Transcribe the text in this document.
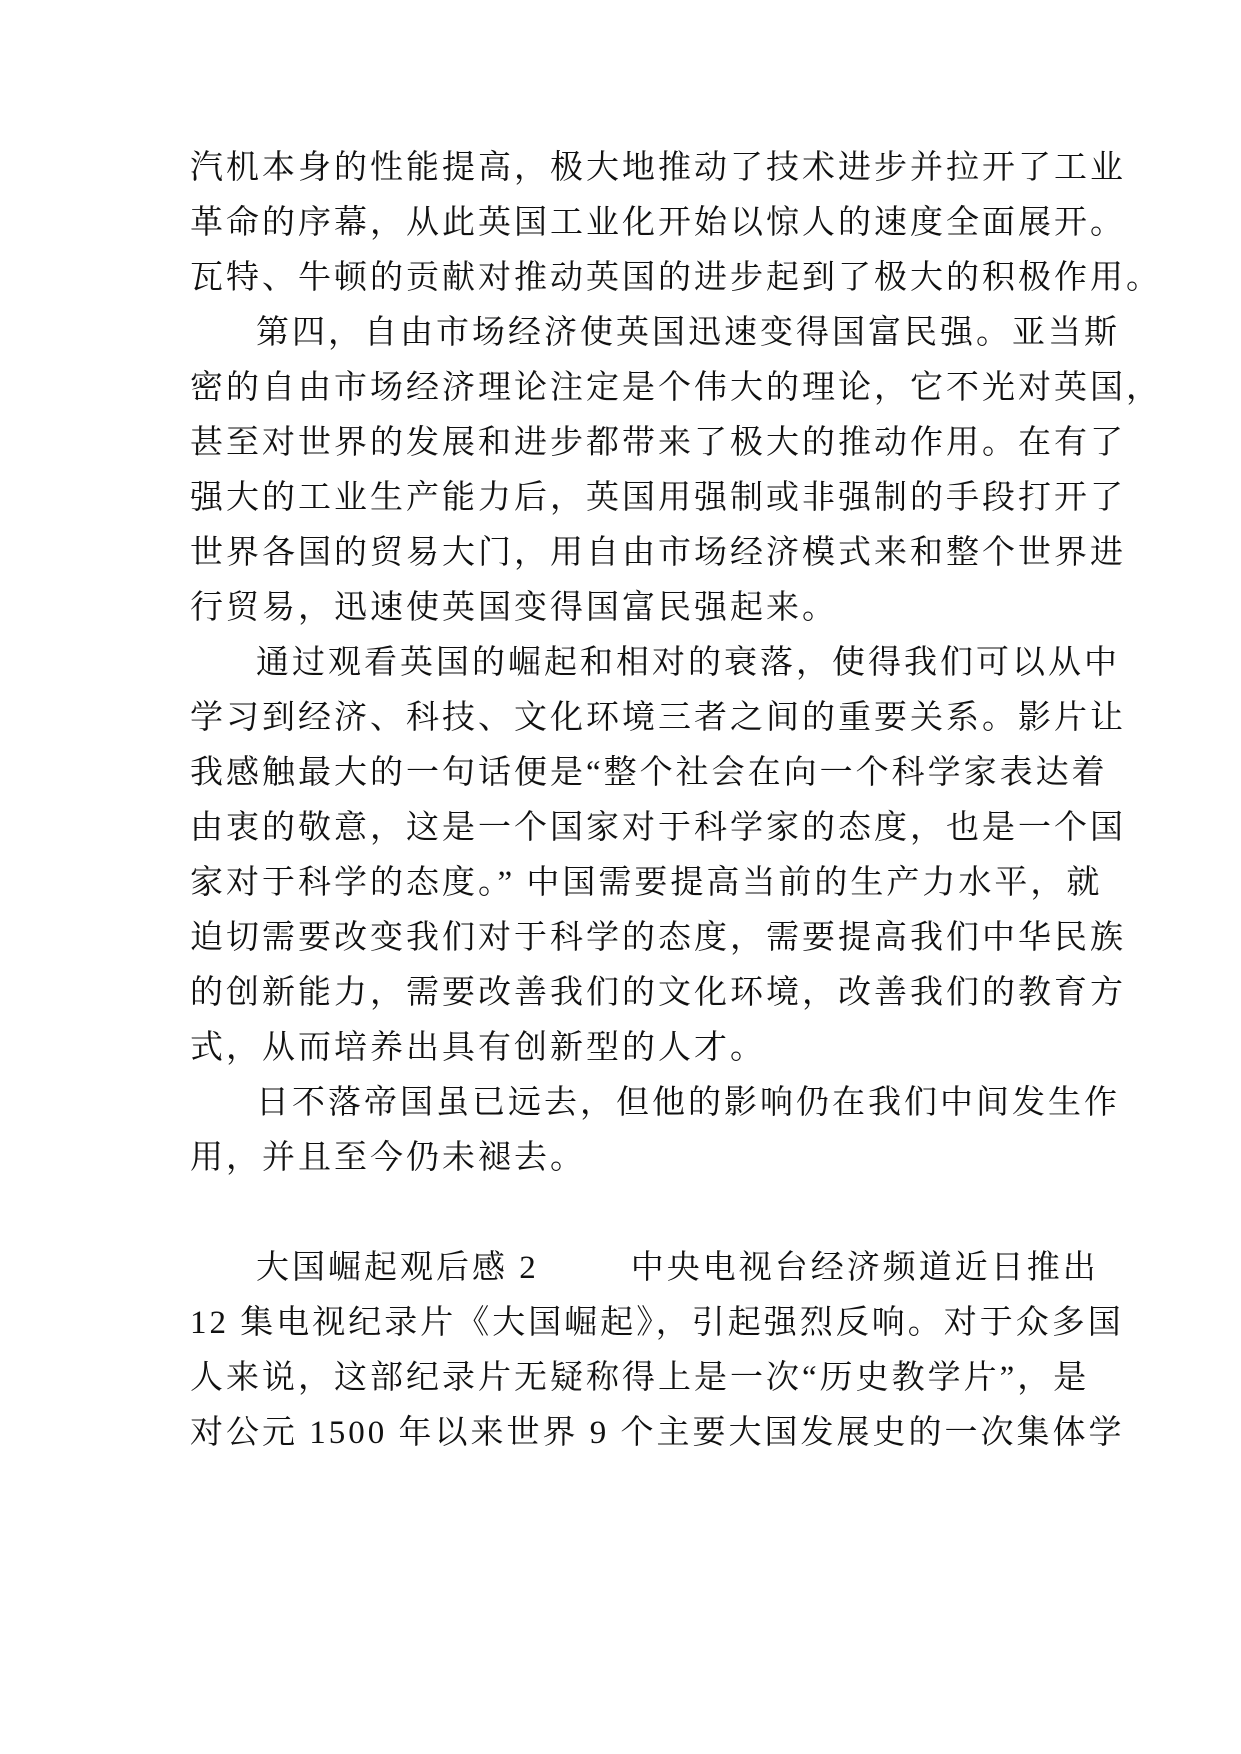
汽机本身的性能提高，极大地推动了技术进步并拉开了工业
革命的序幕，从此英国工业化开始以惊人的速度全面展开。
瓦特、牛顿的贡献对推动英国的进步起到了极大的积极作用。
第四，自由市场经济使英国迅速变得国富民强。亚当斯
密的自由市场经济理论注定是个伟大的理论，它不光对英国，
甚至对世界的发展和进步都带来了极大的推动作用。在有了
强大的工业生产能力后，英国用强制或非强制的手段打开了
世界各国的贸易大门，用自由市场经济模式来和整个世界进
行贸易，迅速使英国变得国富民强起来。
通过观看英国的崛起和相对的衰落，使得我们可以从中
学习到经济、科技、文化环境三者之间的重要关系。影片让
我感触最大的一句话便是“整个社会在向一个科学家表达着
由衷的敬意，这是一个国家对于科学家的态度，也是一个国
家对于科学的态度。” 中国需要提高当前的生产力水平，就
迫切需要改变我们对于科学的态度，需要提高我们中华民族
的创新能力，需要改善我们的文化环境，改善我们的教育方
式，从而培养出具有创新型的人才。
日不落帝国虽已远去，但他的影响仍在我们中间发生作
用，并且至今仍未褪去。
大国崛起观后感 2	中央电视台经济频道近日推出
12 集电视纪录片《大国崛起》，引起强烈反响。对于众多国
人来说，这部纪录片无疑称得上是一次“历史教学片”，是
对公元 1500 年以来世界 9 个主要大国发展史的一次集体学
